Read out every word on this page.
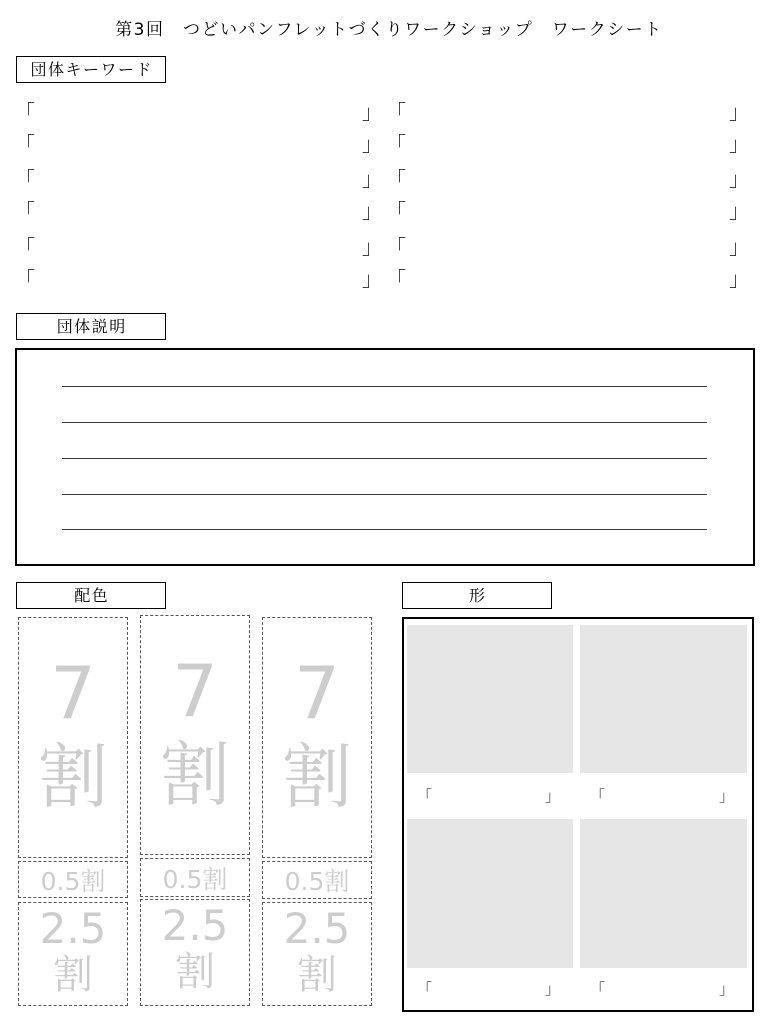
第3回　つどいパンフレットづくりワークショップ　ワークシート
団体キーワード
「	」
「	」
「	」
「	」
「	」
「	」
「	」
「	」
「	」
「	」
「	」
「	」
団体説明
配色
7
割
0.5割
2.5
割
7
割
0.5割
2.5
割
7
割
0.5割
2.5
割
形
「	」 「	」
「	」 「	」
